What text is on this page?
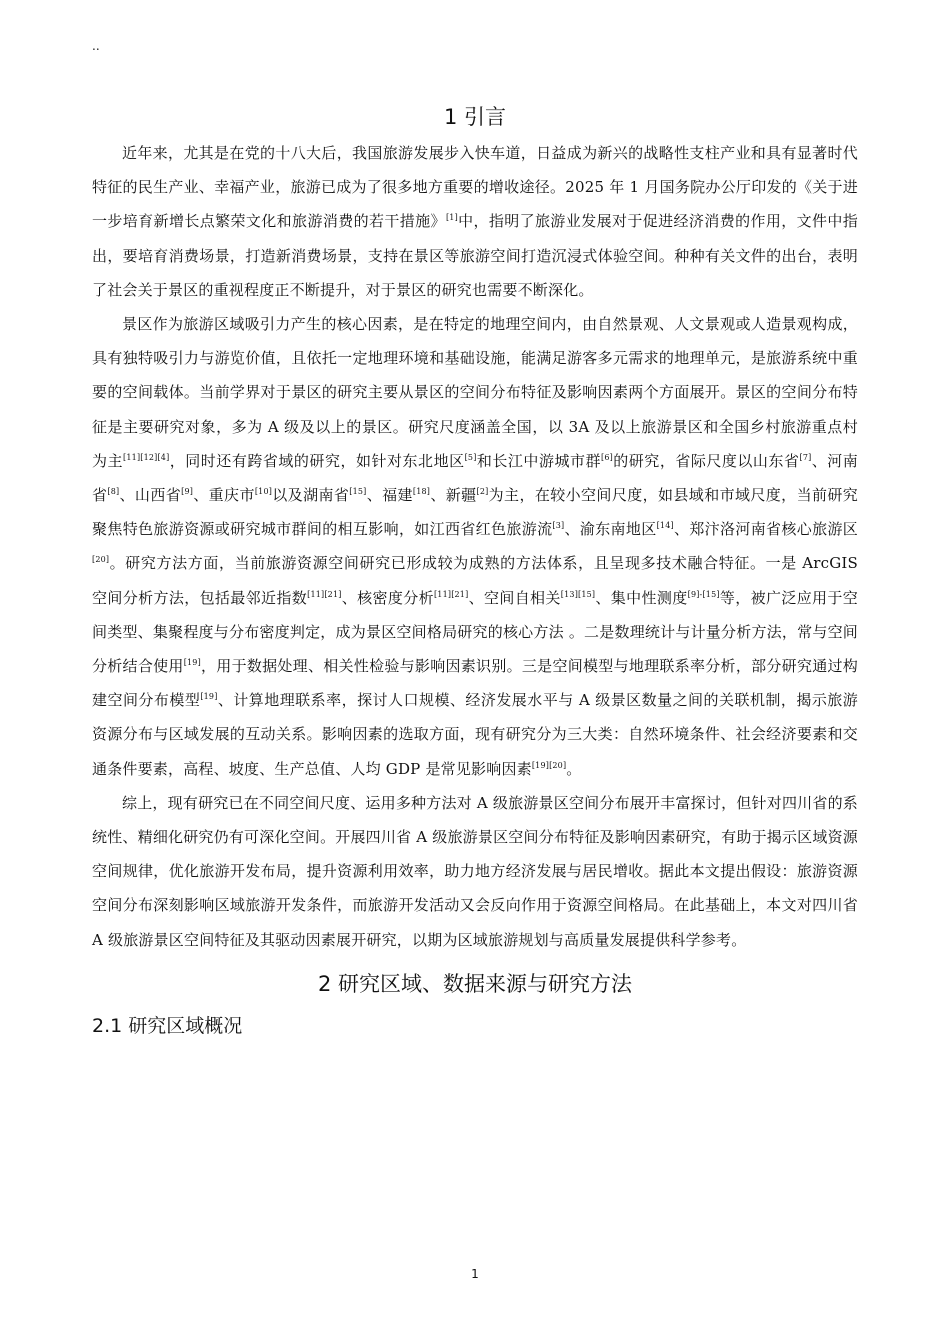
..
1 引言

近年来，尤其是在党的十八大后，我国旅游发展步入快车道，日益成为新兴的战略性支柱产业和具有显著时代特征的民生产业、幸福产业，旅游已成为了很多地方重要的增收途径。2025 年 1 月国务院办公厅印发的《关于进一步培育新增长点繁荣文化和旅游消费的若干措施》[1]中，指明了旅游业发展对于促进经济消费的作用，文件中指出，要培育消费场景，打造新消费场景，支持在景区等旅游空间打造沉浸式体验空间。种种有关文件的出台，表明了社会关于景区的重视程度正不断提升，对于景区的研究也需要不断深化。

景区作为旅游区域吸引力产生的核心因素，是在特定的地理空间内，由自然景观、人文景观或人造景观构成，具有独特吸引力与游览价值，且依托一定地理环境和基础设施，能满足游客多元需求的地理单元，是旅游系统中重要的空间载体。当前学界对于景区的研究主要从景区的空间分布特征及影响因素两个方面展开。景区的空间分布特征是主要研究对象，多为 A 级及以上的景区。研究尺度涵盖全国，以 3A 及以上旅游景区和全国乡村旅游重点村为主[11][12][4]，同时还有跨省域的研究，如针对东北地区[5]和长江中游城市群[6]的研究，省际尺度以山东省[7]、河南省[8]、山西省[9]、重庆市[10]以及湖南省[15]、福建[18]、新疆[2]为主，在较小空间尺度，如县域和市域尺度，当前研究聚焦特色旅游资源或研究城市群间的相互影响，如江西省红色旅游流[3]、渝东南地区[14]、郑汴洛河南省核心旅游区[20]。研究方法方面，当前旅游资源空间研究已形成较为成熟的方法体系，且呈现多技术融合特征。一是 ArcGIS 空间分析方法，包括最邻近指数[11][21]、核密度分析[11][21]、空间自相关[13][15]、集中性测度[9]-[15]等，被广泛应用于空间类型、集聚程度与分布密度判定，成为景区空间格局研究的核心方法 。二是数理统计与计量分析方法，常与空间分析结合使用[19]，用于数据处理、相关性检验与影响因素识别。三是空间模型与地理联系率分析，部分研究通过构建空间分布模型[19]、计算地理联系率，探讨人口规模、经济发展水平与 A 级景区数量之间的关联机制，揭示旅游资源分布与区域发展的互动关系。影响因素的选取方面，现有研究分为三大类：自然环境条件、社会经济要素和交通条件要素，高程、坡度、生产总值、人均 GDP 是常见影响因素[19][20]。

综上，现有研究已在不同空间尺度、运用多种方法对 A 级旅游景区空间分布展开丰富探讨，但针对四川省的系统性、精细化研究仍有可深化空间。开展四川省 A 级旅游景区空间分布特征及影响因素研究，有助于揭示区域资源空间规律，优化旅游开发布局，提升资源利用效率，助力地方经济发展与居民增收。据此本文提出假设：旅游资源空间分布深刻影响区域旅游开发条件，而旅游开发活动又会反向作用于资源空间格局。在此基础上，本文对四川省 A 级旅游景区空间特征及其驱动因素展开研究，以期为区域旅游规划与高质量发展提供科学参考。

2 研究区域、数据来源与研究方法
2.1 研究区域概况
1
